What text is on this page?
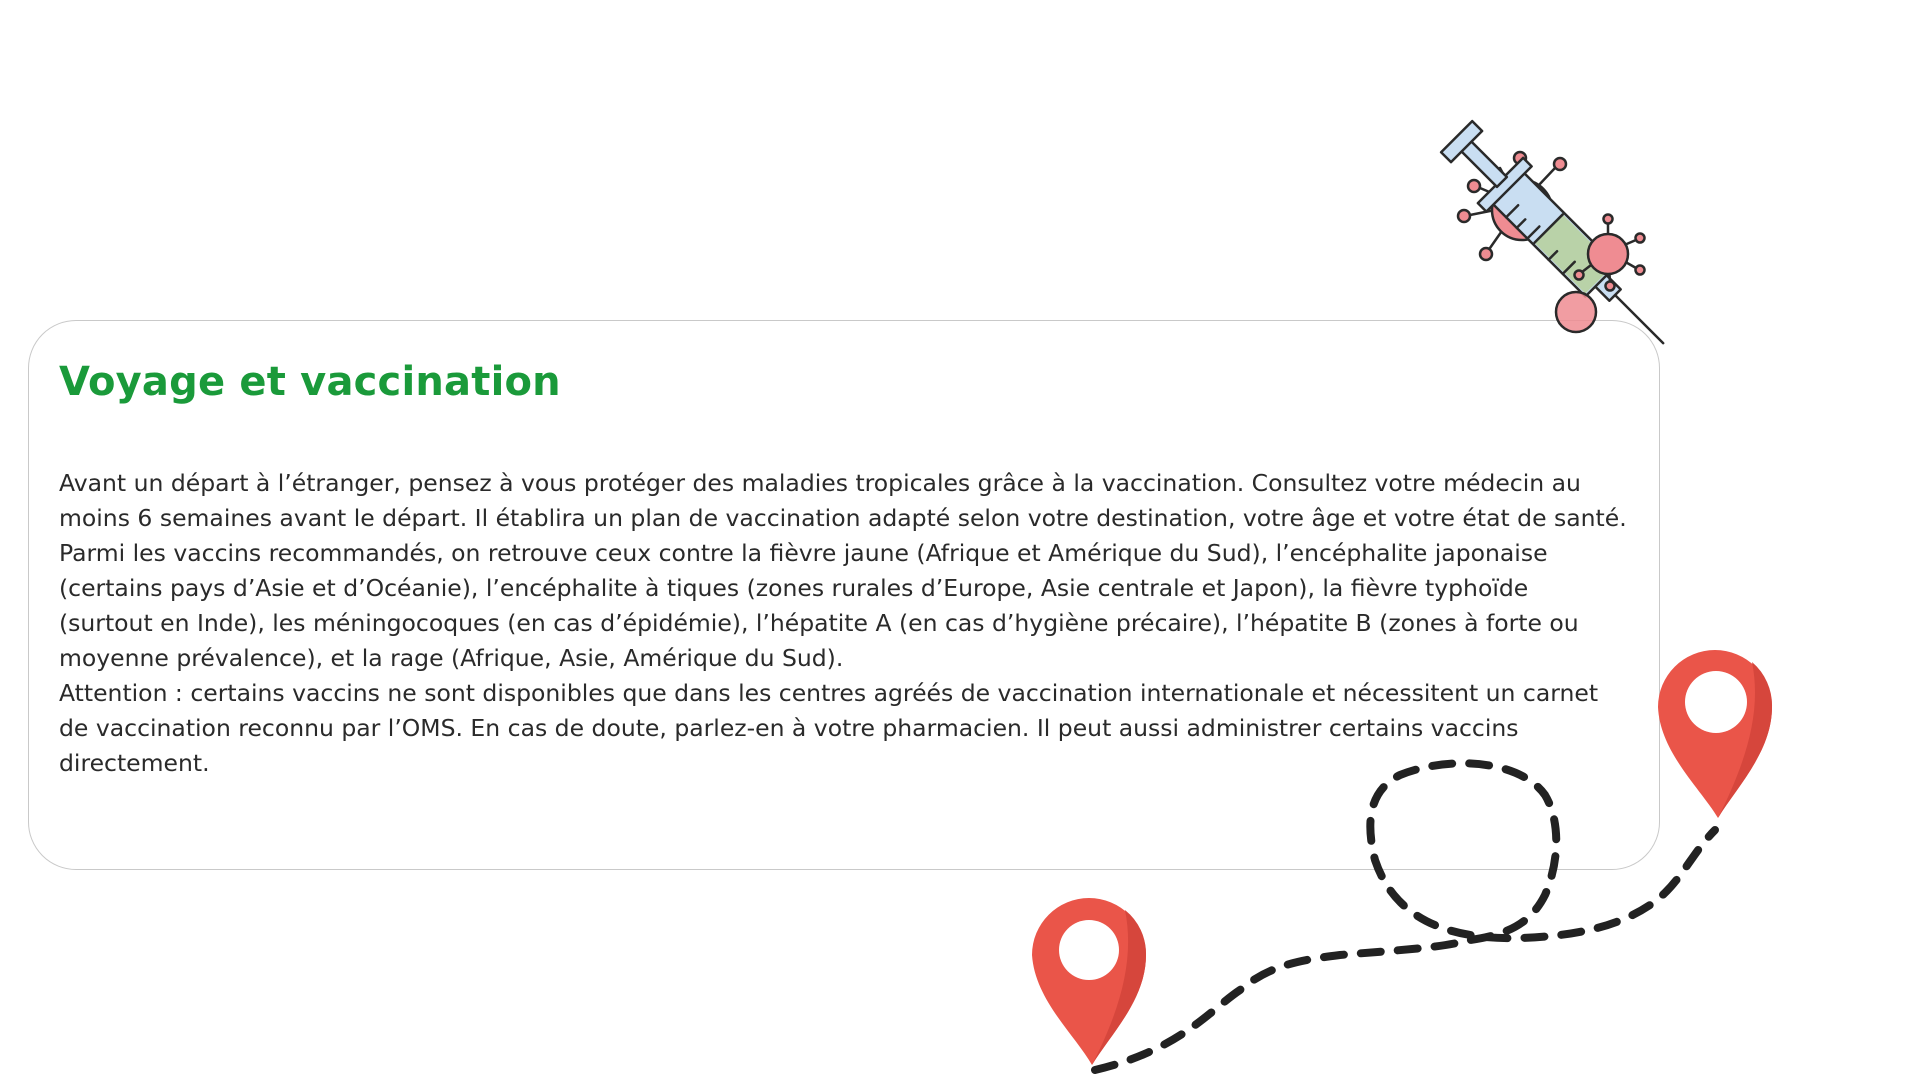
Voyage et vaccination

Avant un départ à l’étranger, pensez à vous protéger des maladies tropicales grâce à la vaccination. Consultez votre médecin au moins 6 semaines avant le départ. Il établira un plan de vaccination adapté selon votre destination, votre âge et votre état de santé.

Parmi les vaccins recommandés, on retrouve ceux contre la fièvre jaune (Afrique et Amérique du Sud), l’encéphalite japonaise (certains pays d’Asie et d’Océanie), l’encéphalite à tiques (zones rurales d’Europe, Asie centrale et Japon), la fièvre typhoïde (surtout en Inde), les méningocoques (en cas d’épidémie), l’hépatite A (en cas d’hygiène précaire), l’hépatite B (zones à forte ou moyenne prévalence), et la rage (Afrique, Asie, Amérique du Sud).

Attention : certains vaccins ne sont disponibles que dans les centres agréés de vaccination internationale et nécessitent un carnet de vaccination reconnu par l’OMS. En cas de doute, parlez-en à votre pharmacien. Il peut aussi administrer certains vaccins directement.
